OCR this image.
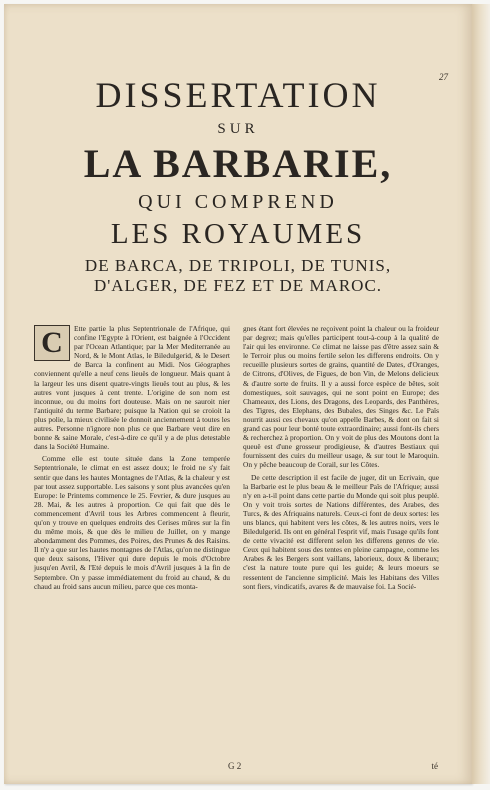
27
DISSERTATION
SUR
LA BARBARIE,
QUI COMPREND
LES ROYAUMES
DE BARCA, DE TRIPOLI, DE TUNIS,
D'ALGER, DE FEZ ET DE MAROC.

C	Ette partie la plus Septentrionale de l'Afrique, qui confine l'Egypte à l'Orient, est baignée à l'Occident par l'Ocean Atlantique; par la Mer Mediterranée au Nord, & le Mont Atlas, le Biledulgerid, & le Desert de Barca la confinent au Midi. Nos Géographes conviennent qu'elle a neuf cens lieuës de longueur. Mais quant à la largeur les uns disent quatre-vingts lieuës tout au plus, & les autres vont jusques à cent trente. L'origine de son nom est inconnue, ou du moins fort douteuse. Mais on ne sauroit nier l'antiquité du terme Barbare; puisque la Nation qui se croioit la plus polie, la mieux civilisée le donnoit anciennement à toutes les autres. Personne n'ignore non plus ce que Barbare veut dire en bonne & saine Morale, c'est-à-dire ce qu'il y a de plus detestable dans la Société Humaine.

Comme elle est toute située dans la Zone temperée Septentrionale, le climat en est assez doux; le froid ne s'y fait sentir que dans les hautes Montagnes de l'Atlas, & la chaleur y est par tout assez supportable. Les saisons y sont plus avancées qu'en Europe: le Printems commence le 25. Fevrier, & dure jusques au 28. Mai, & les autres à proportion. Ce qui fait que dès le commencement d'Avril tous les Arbres commencent à fleurir, qu'on y trouve en quelques endroits des Cerises mûres sur la fin du même mois, & que dès le milieu de Juillet, on y mange abondamment des Pommes, des Poires, des Prunes & des Raisins. Il n'y a que sur les hautes montagnes de l'Atlas, qu'on ne distingue que deux saisons, l'Hiver qui dure depuis le mois d'Octobre jusqu'en Avril, & l'Eté depuis le mois d'Avril jusques à la fin de Septembre. On y passe immédiatement du froid au chaud, & du chaud au froid sans aucun milieu, parce que ces monta-

gnes étant fort élevées ne reçoivent point la chaleur ou la froideur par degrez; mais qu'elles participent tout-à-coup à la qualité de l'air qui les environne. Ce climat ne laisse pas d'être assez sain & le Terroir plus ou moins fertile selon les differens endroits. On y recueille plusieurs sortes de grains, quantité de Dates, d'Oranges, de Citrons, d'Olives, de Figues, de bon Vin, de Melons delicieux & d'autre sorte de fruits. Il y a aussi force espèce de bêtes, soit domestiques, soit sauvages, qui ne sont point en Europe; des Chameaux, des Lions, des Dragons, des Leopards, des Panthères, des Tigres, des Elephans, des Bubales, des Singes &c. Le Païs nourrit aussi ces chevaux qu'on appelle Barbes, & dont on fait si grand cas pour leur bonté toute extraordinaire; aussi font-ils chers & recherchez à proportion. On y voit de plus des Moutons dont la queuë est d'une grosseur prodigieuse, & d'autres Bestiaux qui fournissent des cuirs du meilleur usage, & sur tout le Maroquin. On y pêche beaucoup de Corail, sur les Côtes.

De cette description il est facile de juger, dit un Ecrivain, que la Barbarie est le plus beau & le meilleur Païs de l'Afrique; aussi n'y en a-t-il point dans cette partie du Monde qui soit plus peuplé. On y voit trois sortes de Nations différentes, des Arabes, des Turcs, & des Afriquains naturels. Ceux-ci font de deux sortes: les uns blancs, qui habitent vers les côtes, & les autres noirs, vers le Biledulgerid. Ils ont en général l'esprit vif, mais l'usage qu'ils font de cette vivacité est different selon les differens genres de vie. Ceux qui habitent sous des tentes en pleine campagne, comme les Arabes & les Bergers sont vaillans, laborieux, doux & liberaux; c'est la nature toute pure qui les guide; & leurs moeurs se ressentent de l'ancienne simplicité. Mais les Habitans des Villes sont fiers, vindicatifs, avares & de mauvaise foi. La Socié-

G 2	té
